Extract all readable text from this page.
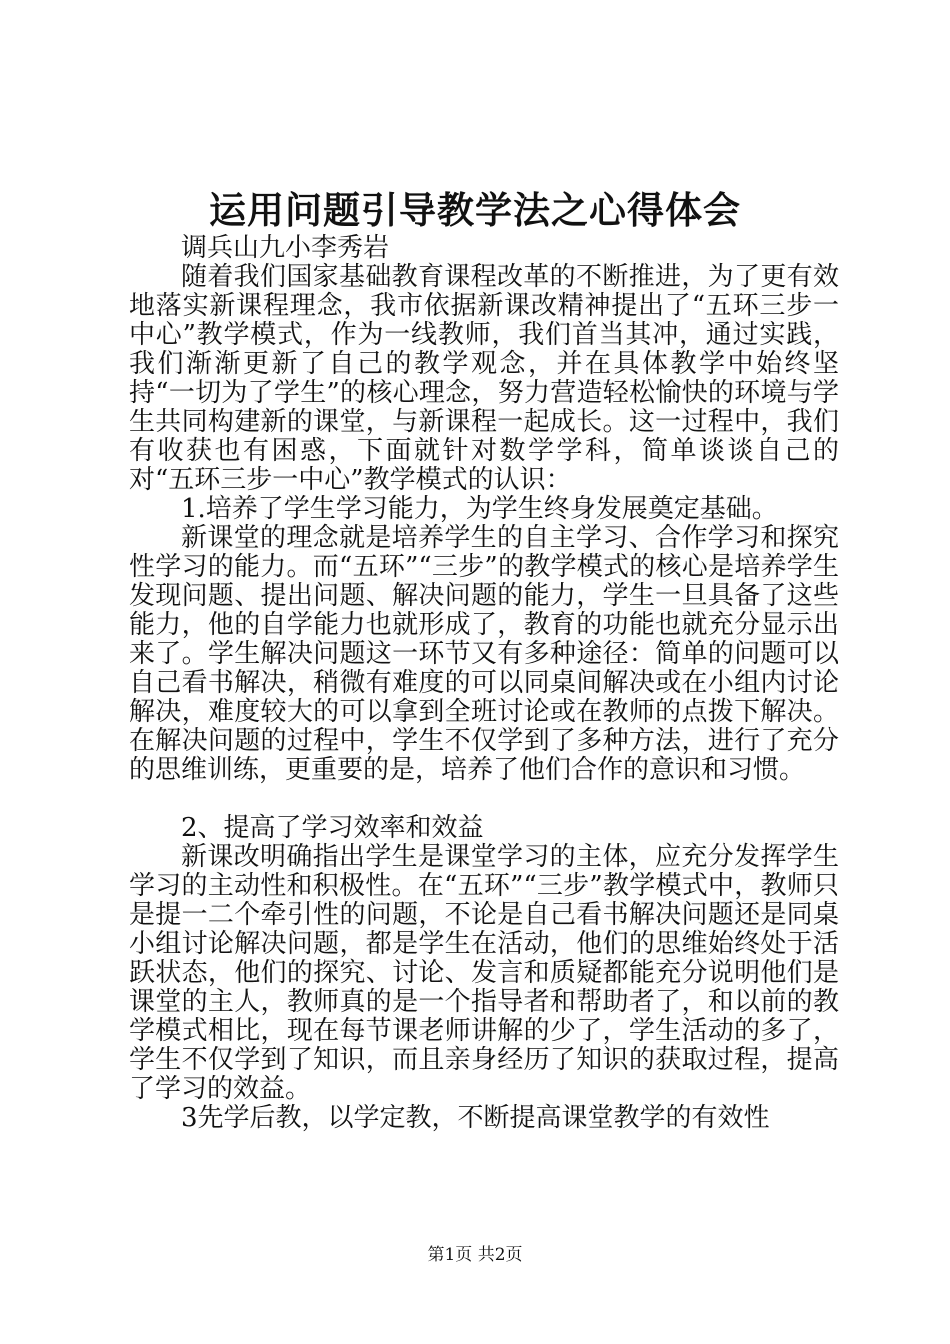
运用问题引导教学法之心得体会

调兵山九小李秀岩

随着我们国家基础教育课程改革的不断推进，为了更有效地落实新课程理念，我市依据新课改精神提出了“五环三步一中心”教学模式，作为一线教师，我们首当其冲，通过实践，我们渐渐更新了自己的教学观念，并在具体教学中始终坚持“一切为了学生”的核心理念，努力营造轻松愉快的环境与学生共同构建新的课堂，与新课程一起成长。这一过程中，我们有收获也有困惑，下面就针对数学学科，简单谈谈自己的对“五环三步一中心”教学模式的认识：

1.培养了学生学习能力，为学生终身发展奠定基础。

新课堂的理念就是培养学生的自主学习、合作学习和探究性学习的能力。而“五环”“三步”的教学模式的核心是培养学生发现问题、提出问题、解决问题的能力，学生一旦具备了这些能力，他的自学能力也就形成了，教育的功能也就充分显示出来了。学生解决问题这一环节又有多种途径：简单的问题可以自己看书解决，稍微有难度的可以同桌间解决或在小组内讨论解决，难度较大的可以拿到全班讨论或在教师的点拨下解决。在解决问题的过程中，学生不仅学到了多种方法，进行了充分的思维训练，更重要的是，培养了他们合作的意识和习惯。

2、提高了学习效率和效益

新课改明确指出学生是课堂学习的主体，应充分发挥学生学习的主动性和积极性。在“五环”“三步”教学模式中，教师只是提一二个牵引性的问题，不论是自己看书解决问题还是同桌小组讨论解决问题，都是学生在活动，他们的思维始终处于活跃状态，他们的探究、讨论、发言和质疑都能充分说明他们是课堂的主人，教师真的是一个指导者和帮助者了，和以前的教学模式相比，现在每节课老师讲解的少了，学生活动的多了，学生不仅学到了知识，而且亲身经历了知识的获取过程，提高了学习的效益。

3先学后教，以学定教，不断提高课堂教学的有效性

第1页 共2页
